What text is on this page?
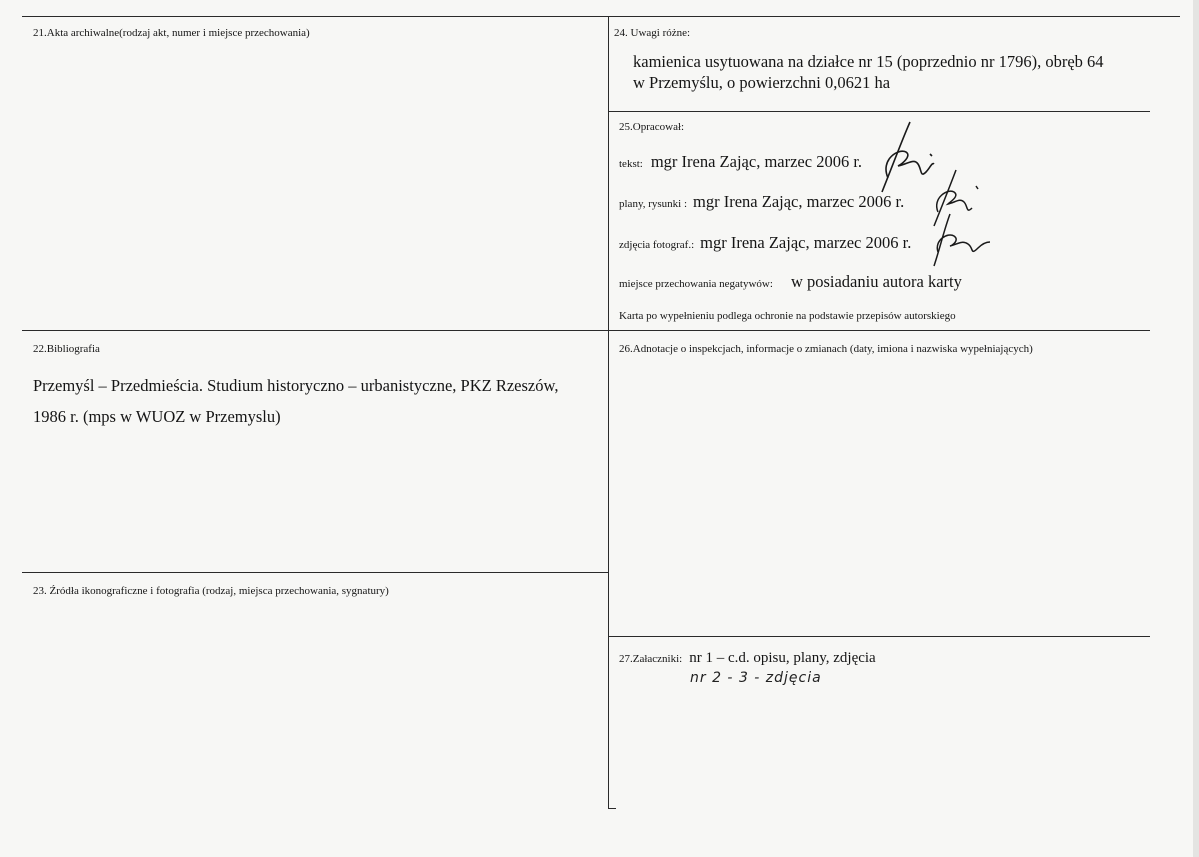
21.Akta archiwalne(rodzaj akt, numer i miejsce przechowania)	24. Uwagi różne:
kamienica usytuowana na działce nr 15 (poprzednio nr 1796), obręb 64
w Przemyślu, o powierzchni 0,0621 ha
25.Opracował:
tekst: mgr Irena Zając, marzec 2006 r.
plany, rysunki : mgr Irena Zając, marzec 2006 r.
zdjęcia fotograf.: mgr Irena Zając, marzec 2006 r.
miejsce przechowania negatywów: w posiadaniu autora karty
Karta po wypełnieniu podlega ochronie na podstawie przepisów autorskiego
22.Bibliografia
Przemyśl – Przedmieścia. Studium historyczno – urbanistyczne, PKZ Rzeszów,
1986 r. (mps w WUOZ w Przemyslu)
26.Adnotacje o inspekcjach, informacje o zmianach (daty, imiona i nazwiska wypełniających)
23. Źródła ikonograficzne i fotografia (rodzaj, miejsca przechowania, sygnatury)
27.Załaczniki: nr 1 – c.d. opisu, plany, zdjęcia
nr 2 - 3 - zdjęcia
